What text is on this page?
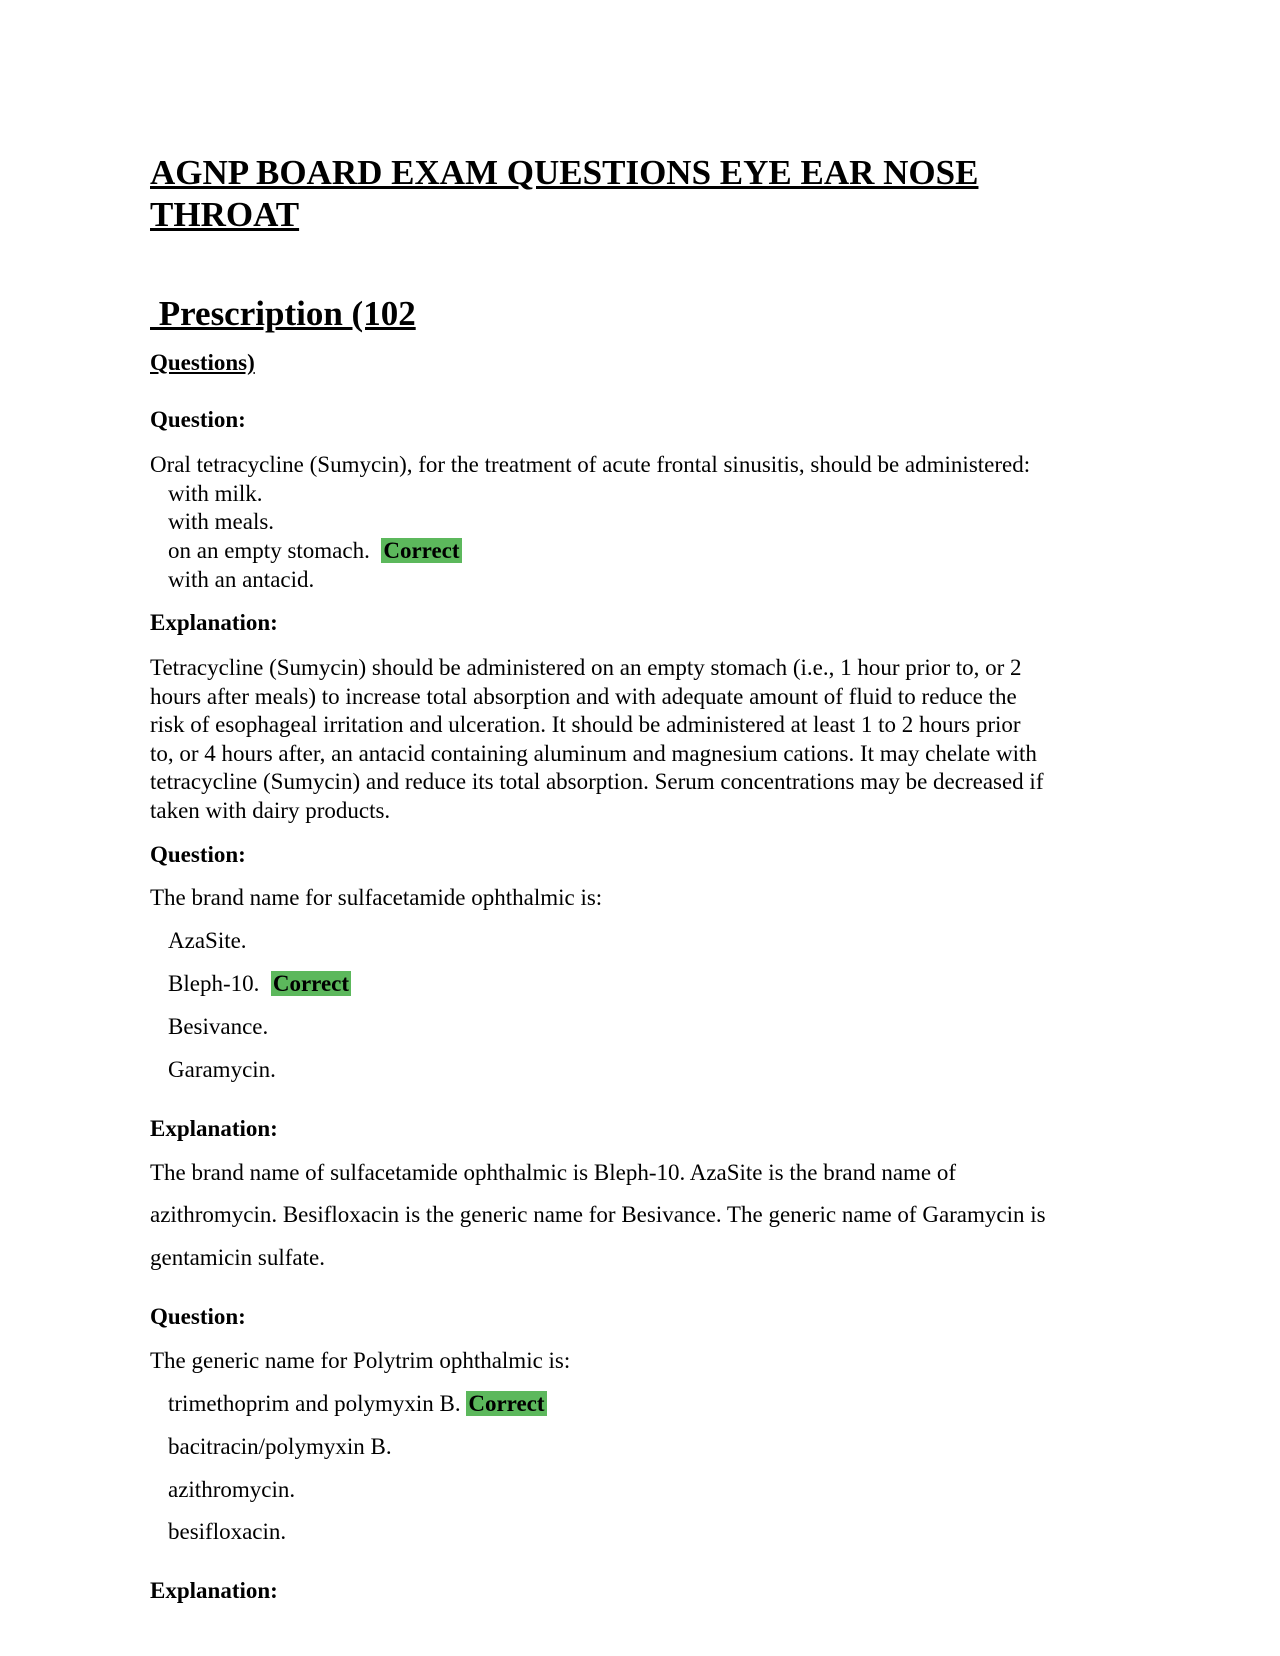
AGNP BOARD EXAM QUESTIONS EYE EAR NOSE
THROAT
Prescription (102
Questions)
Question:
Oral tetracycline (Sumycin), for the treatment of acute frontal sinusitis, should be administered:
with milk.
with meals.
on an empty stomach. Correct
with an antacid.
Explanation:
Tetracycline (Sumycin) should be administered on an empty stomach (i.e., 1 hour prior to, or 2
hours after meals) to increase total absorption and with adequate amount of fluid to reduce the
risk of esophageal irritation and ulceration. It should be administered at least 1 to 2 hours prior
to, or 4 hours after, an antacid containing aluminum and magnesium cations. It may chelate with
tetracycline (Sumycin) and reduce its total absorption. Serum concentrations may be decreased if
taken with dairy products.
Question:
The brand name for sulfacetamide ophthalmic is:
AzaSite.
Bleph-10. Correct
Besivance.
Garamycin.
Explanation:
The brand name of sulfacetamide ophthalmic is Bleph-10. AzaSite is the brand name of
azithromycin. Besifloxacin is the generic name for Besivance. The generic name of Garamycin is
gentamicin sulfate.
Question:
The generic name for Polytrim ophthalmic is:
trimethoprim and polymyxin B. Correct
bacitracin/polymyxin B.
azithromycin.
besifloxacin.
Explanation:
